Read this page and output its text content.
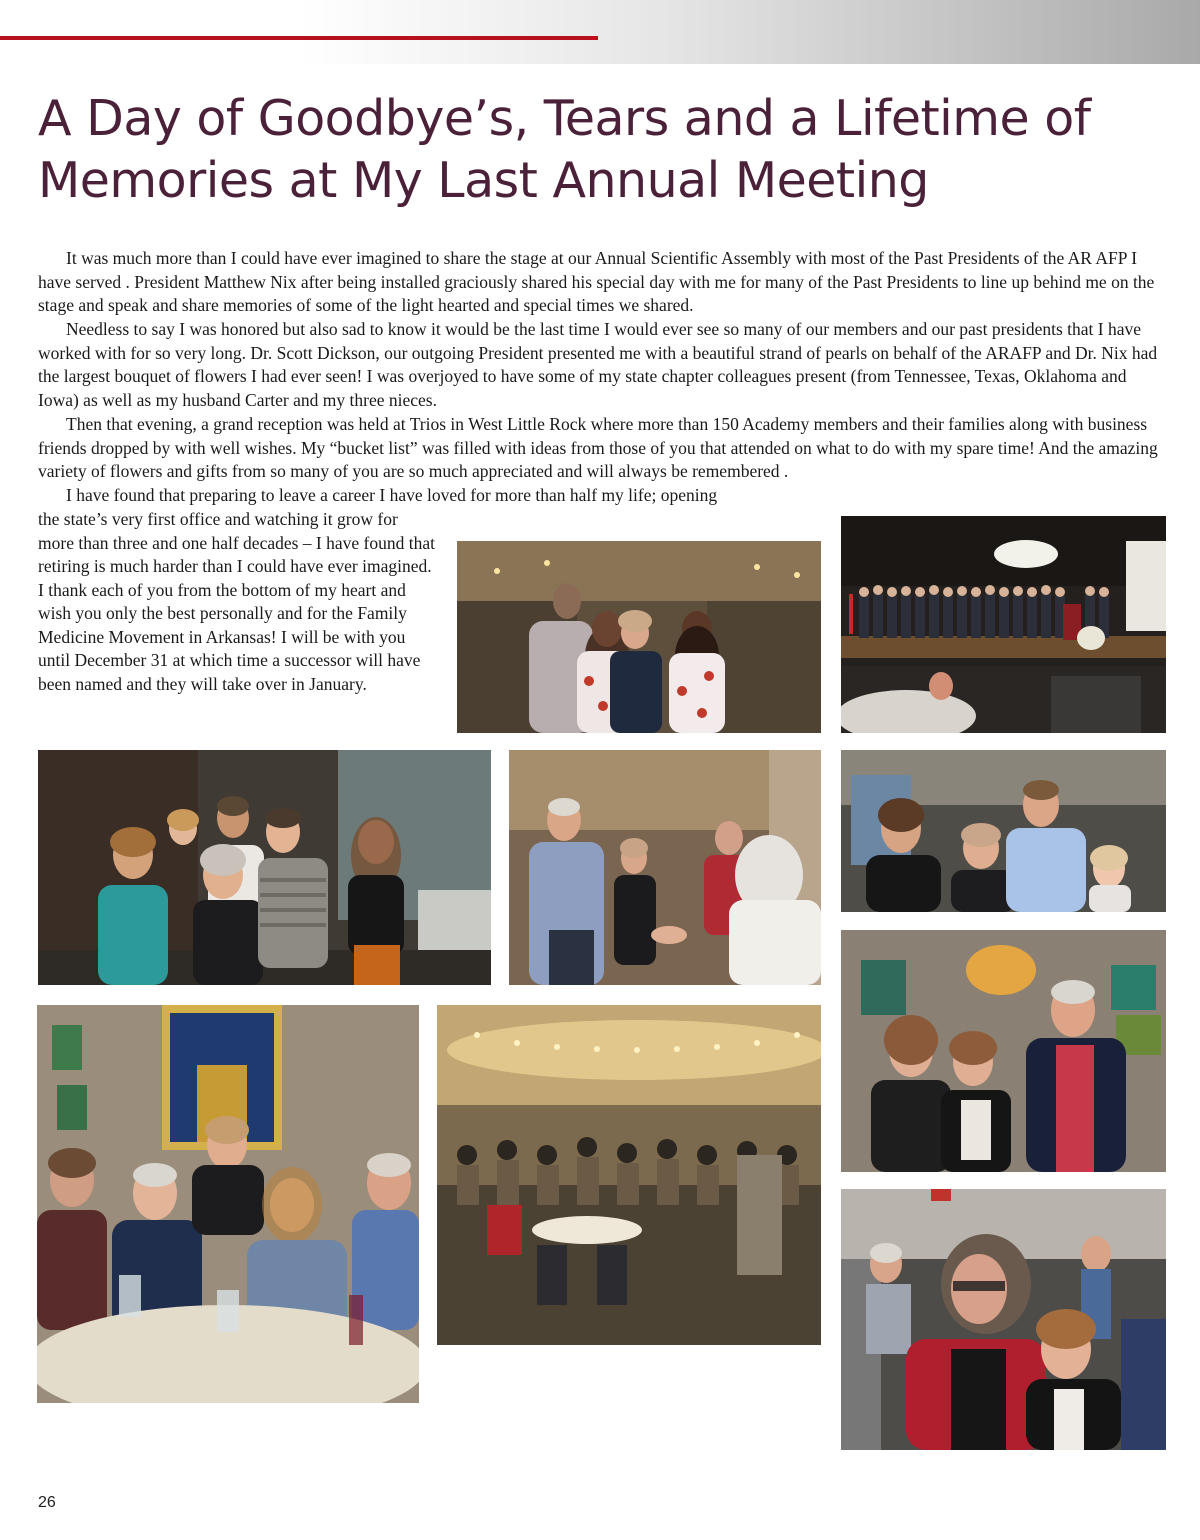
A Day of Goodbye’s, Tears and a Lifetime of Memories at My Last Annual Meeting

It was much more than I could have ever imagined to share the stage at our Annual Scientific Assembly with most of the Past Presidents of the AR AFP I have served . President Matthew Nix after being installed graciously shared his special day with me for many of the Past Presidents to line up behind me on the stage and speak and share memories of some of the light hearted and special times we shared.

Needless to say I was honored but also sad to know it would be the last time I would ever see so many of our members and our past presidents that I have worked with for so very long. Dr. Scott Dickson, our outgoing President presented me with a beautiful strand of pearls on behalf of the ARAFP and Dr. Nix had the largest bouquet of flowers I had ever seen! I was overjoyed to have some of my state chapter colleagues present (from Tennessee, Texas, Oklahoma and Iowa) as well as my husband Carter and my three nieces.

Then that evening, a grand reception was held at Trios in West Little Rock where more than 150 Academy members and their families along with business friends dropped by with well wishes. My “bucket list” was filled with ideas from those of you that attended on what to do with my spare time! And the amazing variety of flowers and gifts from so many of you are so much appreciated and will always be remembered .

I have found that preparing to leave a career I have loved for more than half my life; opening

the state’s very first office and watching it grow for more than three and one half decades – I have found that retiring is much harder than I could have ever imagined. I thank each of you from the bottom of my heart and wish you only the best personally and for the Family Medicine Movement in Arkansas! I will be with you until December 31 at which time a successor will have been named and they will take over in January.

26
